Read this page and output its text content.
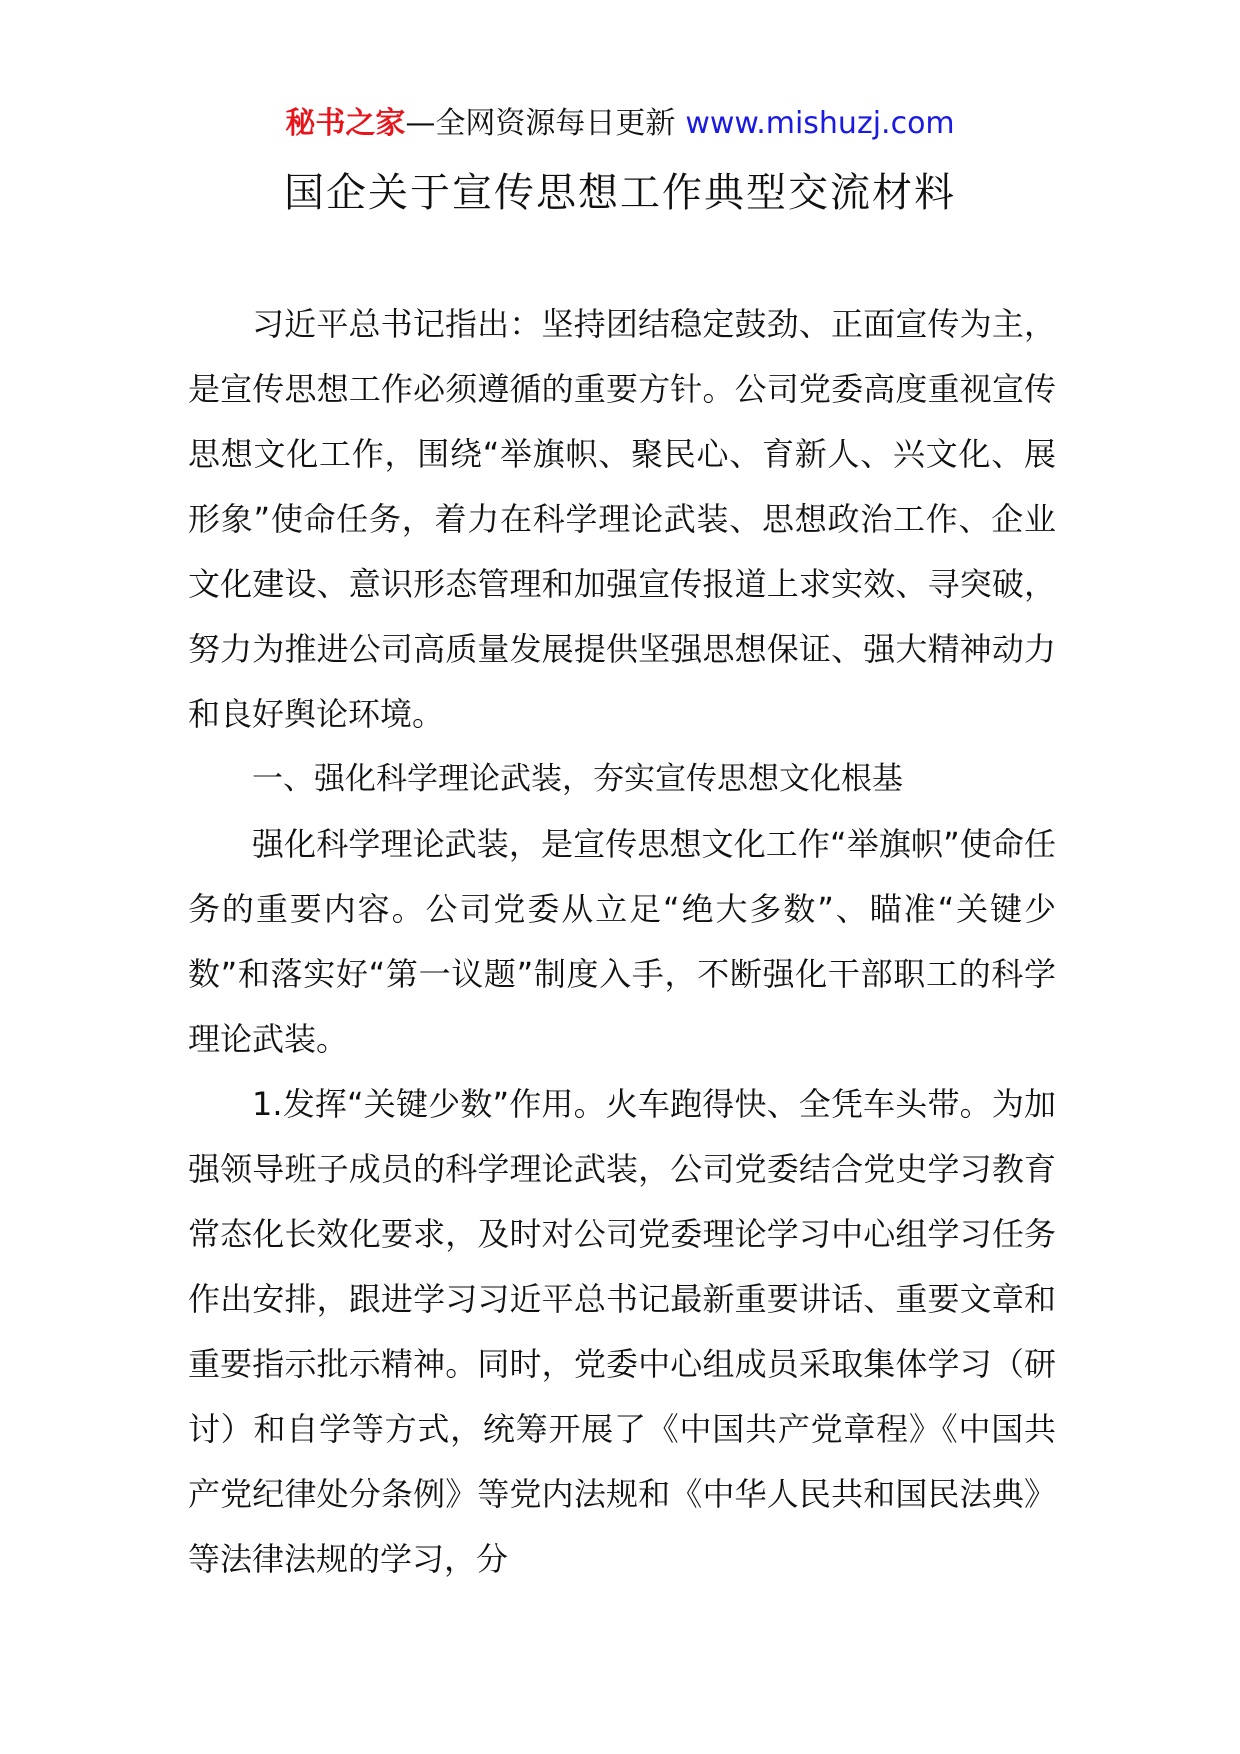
秘书之家—全网资源每日更新 www.mishuzj.com
国企关于宣传思想工作典型交流材料

习近平总书记指出：坚持团结稳定鼓劲、正面宣传为主，是宣传思想工作必须遵循的重要方针。公司党委高度重视宣传思想文化工作，围绕“举旗帜、聚民心、育新人、兴文化、展形象”使命任务，着力在科学理论武装、思想政治工作、企业文化建设、意识形态管理和加强宣传报道上求实效、寻突破，努力为推进公司高质量发展提供坚强思想保证、强大精神动力和良好舆论环境。

一、强化科学理论武装，夯实宣传思想文化根基

强化科学理论武装，是宣传思想文化工作“举旗帜”使命任务的重要内容。公司党委从立足“绝大多数”、瞄准“关键少数”和落实好“第一议题”制度入手，不断强化干部职工的科学理论武装。

1.发挥“关键少数”作用。火车跑得快、全凭车头带。为加强领导班子成员的科学理论武装，公司党委结合党史学习教育常态化长效化要求，及时对公司党委理论学习中心组学习任务作出安排，跟进学习习近平总书记最新重要讲话、重要文章和重要指示批示精神。同时，党委中心组成员采取集体学习（研讨）和自学等方式，统筹开展了《中国共产党章程》《中国共产党纪律处分条例》等党内法规和《中华人民共和国民法典》等法律法规的学习，分
